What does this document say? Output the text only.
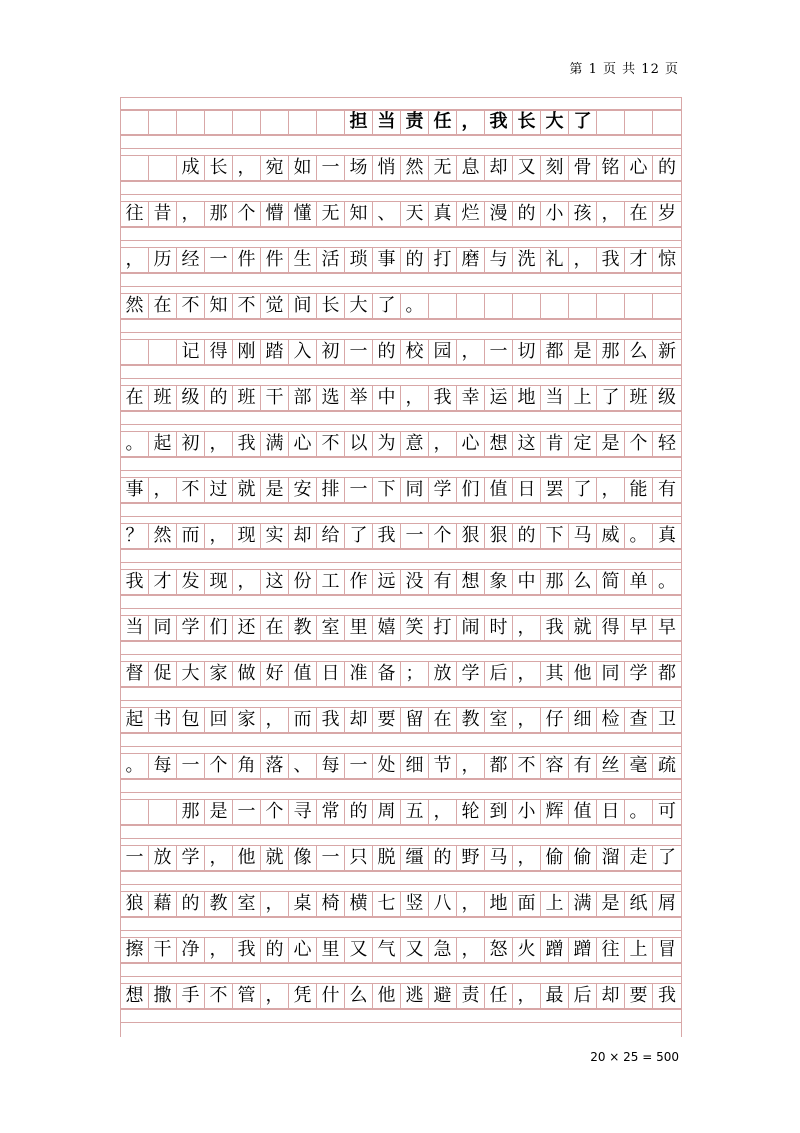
第 1 页 共 12 页

担 当 责 任 ， 我 长 大 了

成 长 ， 宛 如 一 场 悄 然 无 息 却 又 刻 骨 铭 心 的
往 昔 ， 那 个 懵 懂 无 知 、 天 真 烂 漫 的 小 孩 ， 在 岁
， 历 经 一 件 件 生 活 琐 事 的 打 磨 与 洗 礼 ， 我 才 惊
然 在 不 知 不 觉 间 长 大 了 。

记 得 刚 踏 入 初 一 的 校 园 ， 一 切 都 是 那 么 新
在 班 级 的 班 干 部 选 举 中 ， 我 幸 运 地 当 上 了 班 级
。 起 初 ， 我 满 心 不 以 为 意 ， 心 想 这 肯 定 是 个 轻
事 ， 不 过 就 是 安 排 一 下 同 学 们 值 日 罢 了 ， 能 有
？ 然 而 ， 现 实 却 给 了 我 一 个 狠 狠 的 下 马 威 。 真
我 才 发 现 ， 这 份 工 作 远 没 有 想 象 中 那 么 简 单 。
当 同 学 们 还 在 教 室 里 嬉 笑 打 闹 时 ， 我 就 得 早 早
督 促 大 家 做 好 值 日 准 备 ； 放 学 后 ， 其 他 同 学 都
起 书 包 回 家 ， 而 我 却 要 留 在 教 室 ， 仔 细 检 查 卫
。 每 一 个 角 落 、 每 一 处 细 节 ， 都 不 容 有 丝 毫 疏

那 是 一 个 寻 常 的 周 五 ， 轮 到 小 辉 值 日 。 可
一 放 学 ， 他 就 像 一 只 脱 缰 的 野 马 ， 偷 偷 溜 走 了
狼 藉 的 教 室 ， 桌 椅 横 七 竖 八 ， 地 面 上 满 是 纸 屑
擦 干 净 ， 我 的 心 里 又 气 又 急 ， 怒 火 蹭 蹭 往 上 冒
想 撒 手 不 管 ， 凭 什 么 他 逃 避 责 任 ， 最 后 却 要 我
20 × 25 = 500
